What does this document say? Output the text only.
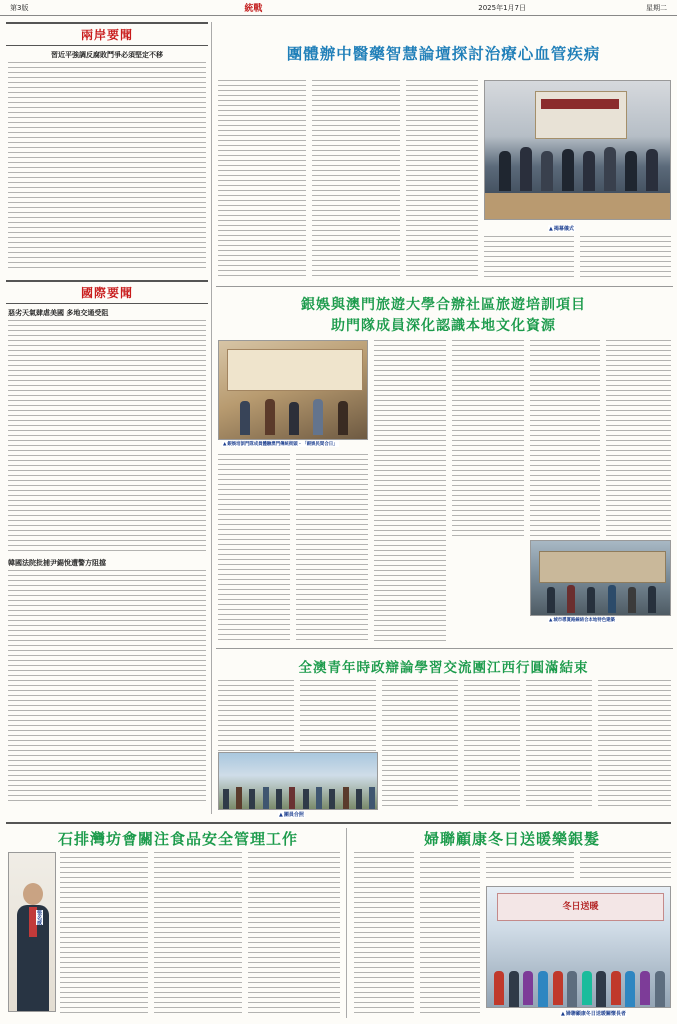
第3版	統戰	2025年1月7日	星期二
兩岸要聞
習近平強調反腐敗鬥爭必須堅定不移
國際要聞
惡劣天氣肆虐美國 多地交通受阻
韓國法院批捕尹錫悅遭警方阻擋
團體辦中醫藥智慧論壇探討治療心血管疾病
▲ 揭幕儀式
銀娛與澳門旅遊大學合辦社區旅遊培訓項目
助門隊成員深化認識本地文化資源
▲ 銀娛培訓門隊成員體驗澳門傳統街頭 · 「銀娛民間合日」
▲ 城市導賞路線結合本地特色建築
全澳青年時政辯論學習交流團江西行圓滿結束
▲ 團員合照
石排灣坊會關注食品安全管理工作
張名威
婦聯顧康冬日送暖樂銀髮
冬日送暖
▲ 婦聯顧康冬日送暖關懷長者
